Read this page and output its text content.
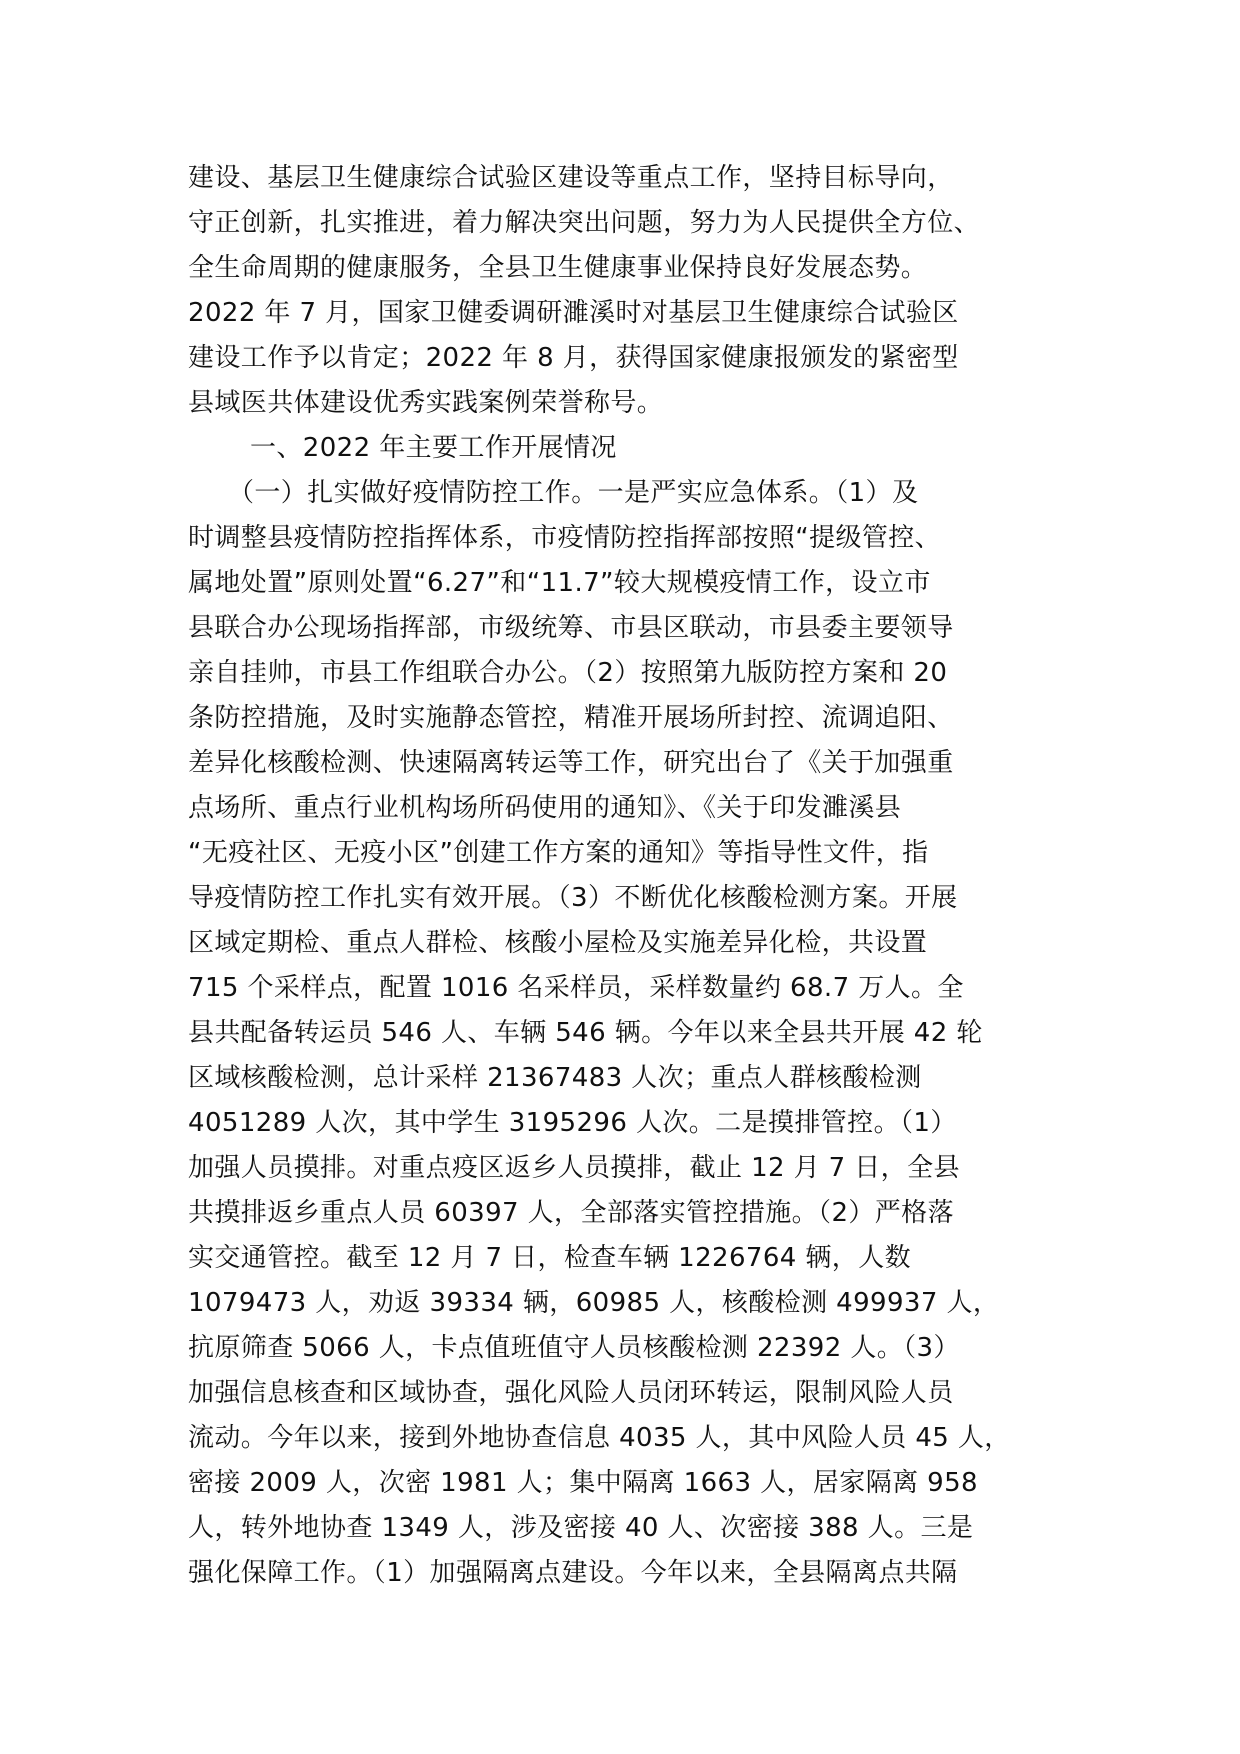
建设、基层卫生健康综合试验区建设等重点工作，坚持目标导向，
守正创新，扎实推进，着力解决突出问题，努力为人民提供全方位、
全生命周期的健康服务，全县卫生健康事业保持良好发展态势。
2022 年 7 月，国家卫健委调研濉溪时对基层卫生健康综合试验区
建设工作予以肯定；2022 年 8 月，获得国家健康报颁发的紧密型
县域医共体建设优秀实践案例荣誉称号。
一、2022 年主要工作开展情况
（一）扎实做好疫情防控工作。一是严实应急体系。（1）及
时调整县疫情防控指挥体系，市疫情防控指挥部按照“提级管控、
属地处置”原则处置“6.27”和“11.7”较大规模疫情工作，设立市
县联合办公现场指挥部，市级统筹、市县区联动，市县委主要领导
亲自挂帅，市县工作组联合办公。（2）按照第九版防控方案和 20
条防控措施，及时实施静态管控，精准开展场所封控、流调追阳、
差异化核酸检测、快速隔离转运等工作，研究出台了《关于加强重
点场所、重点行业机构场所码使用的通知》、《关于印发濉溪县
“无疫社区、无疫小区”创建工作方案的通知》等指导性文件，指
导疫情防控工作扎实有效开展。（3）不断优化核酸检测方案。开展
区域定期检、重点人群检、核酸小屋检及实施差异化检，共设置
715 个采样点，配置 1016 名采样员，采样数量约 68.7 万人。全
县共配备转运员 546 人、车辆 546 辆。今年以来全县共开展 42 轮
区域核酸检测，总计采样 21367483 人次；重点人群核酸检测
4051289 人次，其中学生 3195296 人次。二是摸排管控。（1）
加强人员摸排。对重点疫区返乡人员摸排，截止 12 月 7 日，全县
共摸排返乡重点人员 60397 人，全部落实管控措施。（2）严格落
实交通管控。截至 12 月 7 日，检查车辆 1226764 辆，人数
1079473 人，劝返 39334 辆，60985 人，核酸检测 499937 人，
抗原筛查 5066 人，卡点值班值守人员核酸检测 22392 人。（3）
加强信息核查和区域协查，强化风险人员闭环转运，限制风险人员
流动。今年以来，接到外地协查信息 4035 人，其中风险人员 45 人，
密接 2009 人，次密 1981 人；集中隔离 1663 人，居家隔离 958
人，转外地协查 1349 人，涉及密接 40 人、次密接 388 人。三是
强化保障工作。（1）加强隔离点建设。今年以来，全县隔离点共隔
